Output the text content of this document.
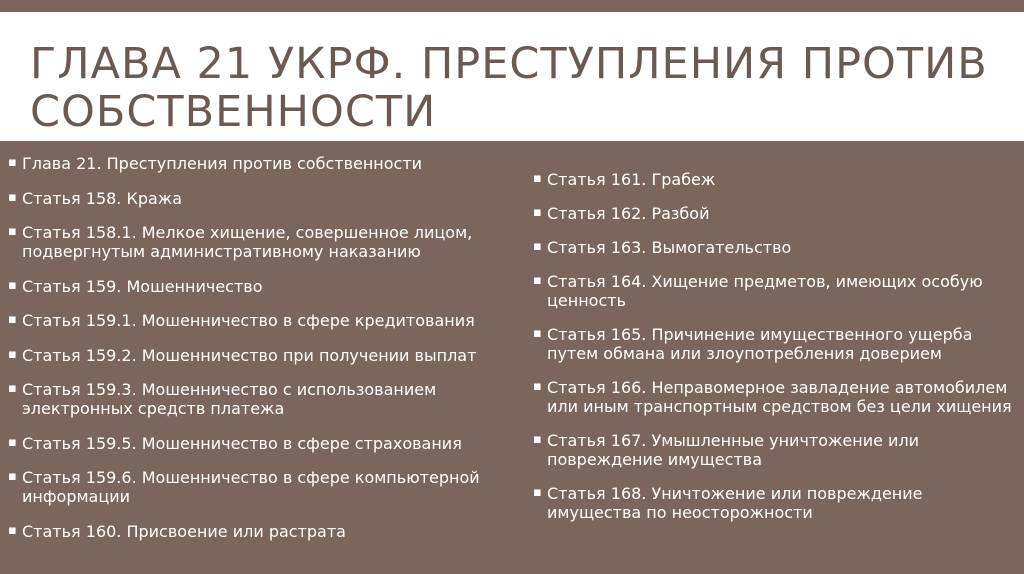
ГЛАВА 21 УКРФ. ПРЕСТУПЛЕНИЯ ПРОТИВ СОБСТВЕННОСТИ
▪ Глава 21. Преступления против собственности
▪ Статья 158. Кража
▪ Статья 158.1. Мелкое хищение, совершенное лицом, подвергнутым административному наказанию
▪ Статья 159. Мошенничество
▪ Статья 159.1. Мошенничество в сфере кредитования
▪ Статья 159.2. Мошенничество при получении выплат
▪ Статья 159.3. Мошенничество с использованием электронных средств платежа
▪ Статья 159.5. Мошенничество в сфере страхования
▪ Статья 159.6. Мошенничество в сфере компьютерной информации
▪ Статья 160. Присвоение или растрата
▪ Статья 161. Грабеж
▪ Статья 162. Разбой
▪ Статья 163. Вымогательство
▪ Статья 164. Хищение предметов, имеющих особую ценность
▪ Статья 165. Причинение имущественного ущерба путем обмана или злоупотребления доверием
▪ Статья 166. Неправомерное завладение автомобилем или иным транспортным средством без цели хищения
▪ Статья 167. Умышленные уничтожение или повреждение имущества
▪ Статья 168. Уничтожение или повреждение имущества по неосторожности
